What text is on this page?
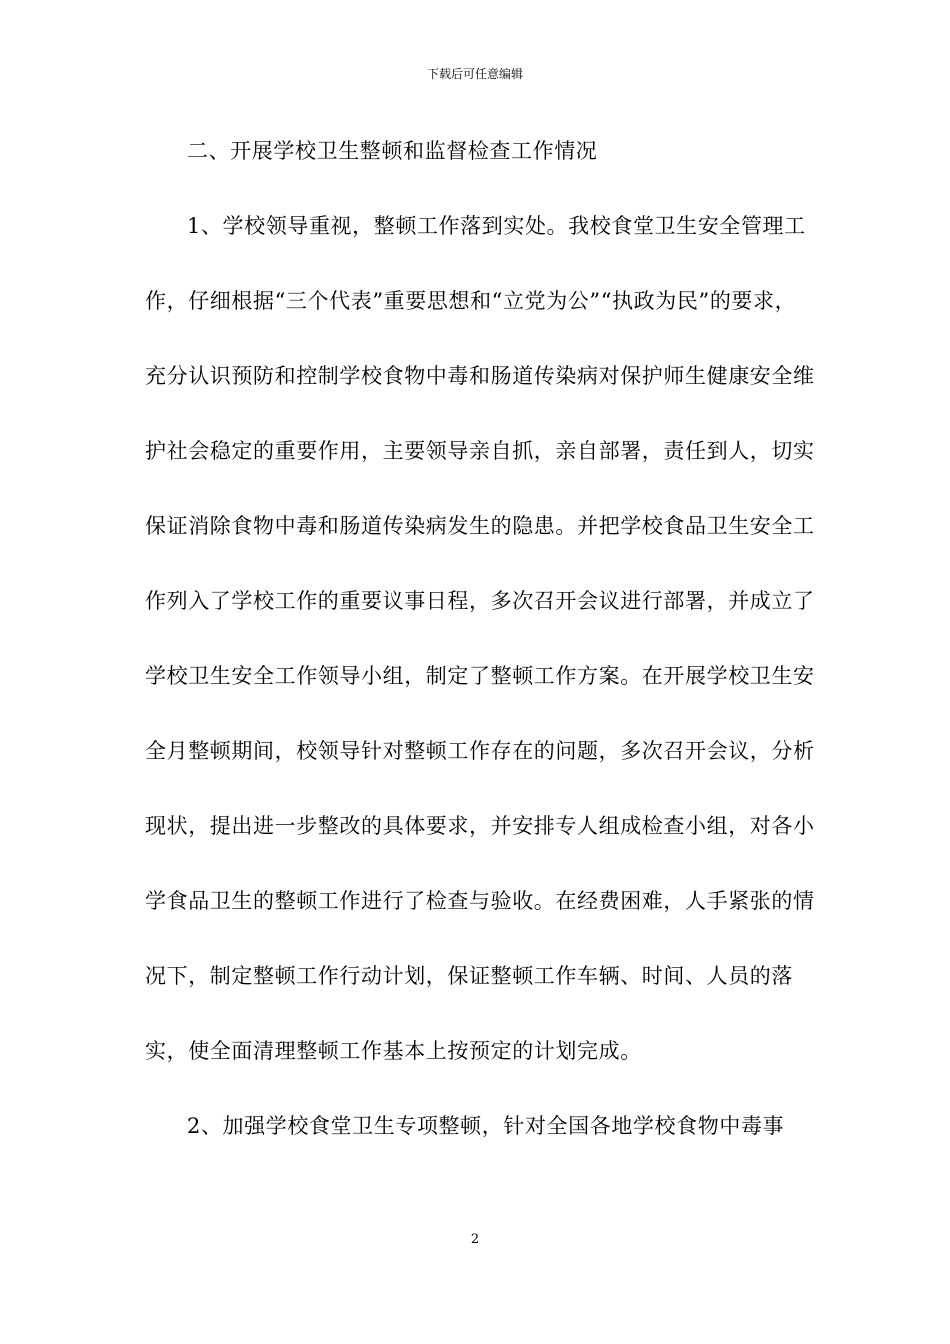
下载后可任意编辑

二、开展学校卫生整顿和监督检查工作情况

1、学校领导重视，整顿工作落到实处。我校食堂卫生安全管理工作，仔细根据“三个代表”重要思想和“立党为公”“执政为民”的要求，充分认识预防和控制学校食物中毒和肠道传染病对保护师生健康安全维护社会稳定的重要作用，主要领导亲自抓，亲自部署，责任到人，切实保证消除食物中毒和肠道传染病发生的隐患。并把学校食品卫生安全工作列入了学校工作的重要议事日程，多次召开会议进行部署，并成立了学校卫生安全工作领导小组，制定了整顿工作方案。在开展学校卫生安全月整顿期间，校领导针对整顿工作存在的问题，多次召开会议，分析现状，提出进一步整改的具体要求，并安排专人组成检查小组，对各小学食品卫生的整顿工作进行了检查与验收。在经费困难，人手紧张的情况下，制定整顿工作行动计划，保证整顿工作车辆、时间、人员的落实，使全面清理整顿工作基本上按预定的计划完成。

2、加强学校食堂卫生专项整顿，针对全国各地学校食物中毒事

2
